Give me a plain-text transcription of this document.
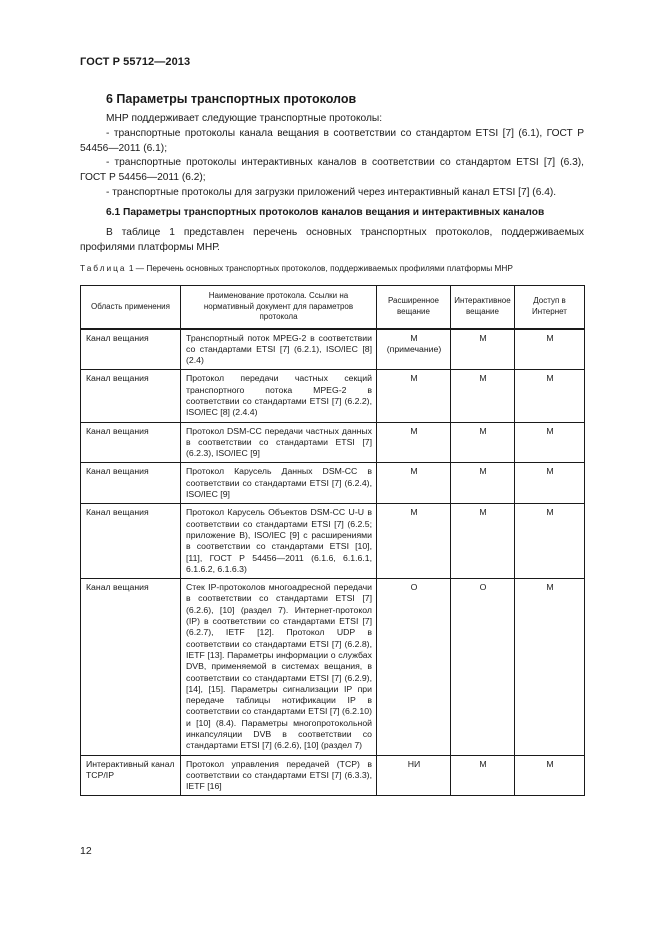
ГОСТ Р 55712—2013
6 Параметры транспортных протоколов
МНР поддерживает следующие транспортные протоколы:
- транспортные протоколы канала вещания в соответствии со стандартом ETSI [7] (6.1), ГОСТ Р 54456—2011 (6.1);
- транспортные протоколы интерактивных каналов в соответствии со стандартом ETSI [7] (6.3), ГОСТ Р 54456—2011 (6.2);
- транспортные протоколы для загрузки приложений через интерактивный канал ETSI [7] (6.4).
6.1 Параметры транспортных протоколов каналов вещания и интерактивных каналов
В таблице 1 представлен перечень основных транспортных протоколов, поддерживаемых профилями платформы МНР.
Таблица 1 — Перечень основных транспортных протоколов, поддерживаемых профилями платформы МНР
Область применения	Наименование протокола. Ссылки на нормативный документ для параметров протокола	Расширенное вещание	Интерактивное вещание	Доступ в Интернет
Канал вещания	Транспортный поток MPEG-2 в соответствии со стандартами ETSI [7] (6.2.1), ISO/IEC [8] (2.4)	М (примечание)	М	М
Канал вещания	Протокол передачи частных секций транспортного потока MPEG-2 в соответствии со стандартами ETSI [7] (6.2.2), ISO/IEC [8] (2.4.4)	М	М	М
Канал вещания	Протокол DSM-CC передачи частных данных в соответствии со стандартами ETSI [7] (6.2.3), ISO/IEC [9]	М	М	М
Канал вещания	Протокол Карусель Данных DSM-CC в соответствии со стандартами ETSI [7] (6.2.4), ISO/IEC [9]	М	М	М
Канал вещания	Протокол Карусель Объектов DSM-CC U-U в соответствии со стандартами ETSI [7] (6.2.5; приложение В), ISO/IEC [9] с расширениями в соответствии со стандартами ETSI [10], [11], ГОСТ Р 54456—2011 (6.1.6, 6.1.6.1, 6.1.6.2, 6.1.6.3)	М	М	М
Канал вещания	Стек IP-протоколов многоадресной передачи в соответствии со стандартами ETSI [7] (6.2.6), [10] (раздел 7). Интернет-протокол (IP) в соответствии со стандартами ETSI [7] (6.2.7), IETF [12]. Протокол UDP в соответствии со стандартами ETSI [7] (6.2.8), IETF [13]. Параметры информации о службах DVB, применяемой в системах вещания, в соответствии со стандартами ETSI [7] (6.2.9), [14], [15]. Параметры сигнализации IP при передаче таблицы нотификации IP в соответствии со стандартами ETSI [7] (6.2.10) и [10] (8.4). Параметры многопротокольной инкапсуляции DVB в соответствии со стандартами ETSI [7] (6.2.6), [10] (раздел 7)	О	О	М
Интерактивный канал TCP/IP	Протокол управления передачей (TCP) в соответствии со стандартами ETSI [7] (6.3.3), IETF [16]	НИ	М	М
12
